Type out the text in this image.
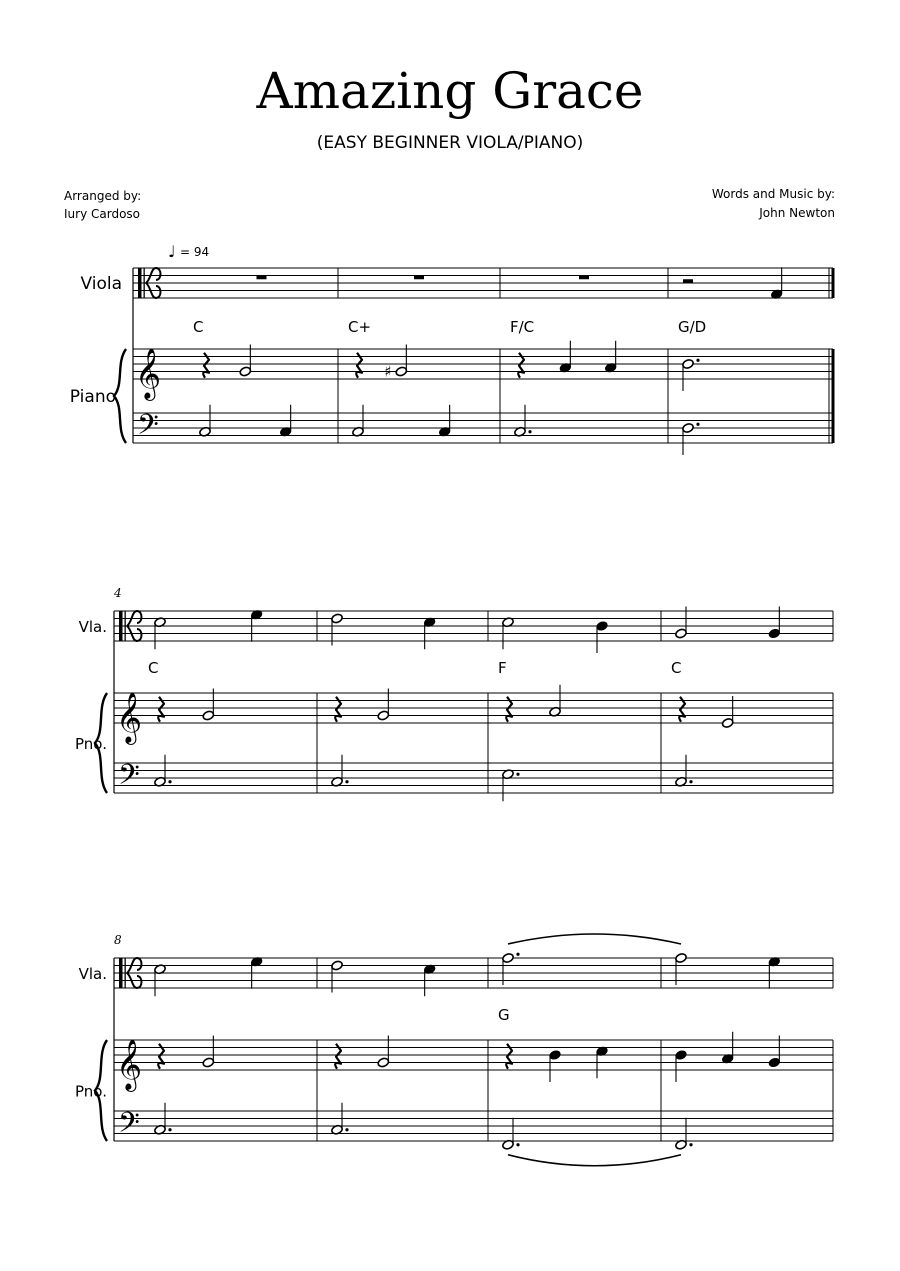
Amazing Grace
(EASY BEGINNER VIOLA/PIANO)
Arranged by:
Iury Cardoso
Words and Music by:
John Newton
♩ = 94
Viola
Piano 𝄞
𝄢
C
♯
C+	F/C	G/D
Vla.
Pno.
𝄞
𝄢
4
C	F	C
Vla.
Pno.
𝄞
𝄢
8
G
